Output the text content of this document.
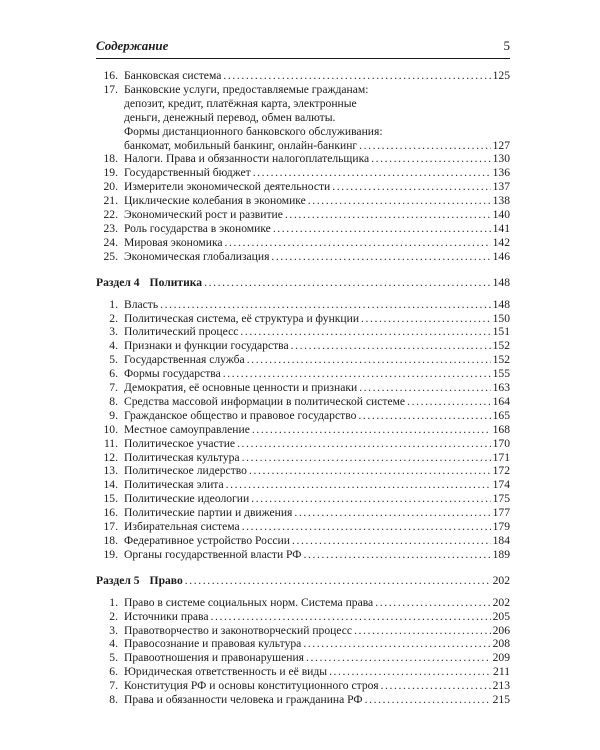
Содержание	5
16. Банковская система .....	125
17. Банковские услуги, предоставляемые гражданам:
депозит, кредит, платёжная карта, электронные
деньги, денежный перевод, обмен валюты.
Формы дистанционного банковского обслуживания:
банкомат, мобильный банкинг, онлайн-банкинг .....	127
18. Налоги. Права и обязанности налогоплательщика .....	130
19. Государственный бюджет .....	136
20. Измерители экономической деятельности .....	137
21. Циклические колебания в экономике .....	138
22. Экономический рост и развитие .....	140
23. Роль государства в экономике .....	141
24. Мировая экономика .....	142
25. Экономическая глобализация .....	146
Раздел 4 Политика .....	148
1. Власть .....	148
2. Политическая система, её структура и функции .....	150
3. Политический процесс .....	151
4. Признаки и функции государства .....	152
5. Государственная служба .....	152
6. Формы государства .....	155
7. Демократия, её основные ценности и признаки .....	163
8. Средства массовой информации в политической системе .....	164
9. Гражданское общество и правовое государство .....	165
10. Местное самоуправление .....	168
11. Политическое участие .....	170
12. Политическая культура .....	171
13. Политическое лидерство .....	172
14. Политическая элита .....	174
15. Политические идеологии .....	175
16. Политические партии и движения .....	177
17. Избирательная система .....	179
18. Федеративное устройство России .....	184
19. Органы государственной власти РФ .....	189
Раздел 5 Право .....	202
1. Право в системе социальных норм. Система права .....	202
2. Источники права .....	205
3. Правотворчество и законотворческий процесс .....	206
4. Правосознание и правовая культура .....	208
5. Правоотношения и правонарушения .....	209
6. Юридическая ответственность и её виды .....	211
7. Конституция РФ и основы конституционного строя .....	213
8. Права и обязанности человека и гражданина РФ .....	215
